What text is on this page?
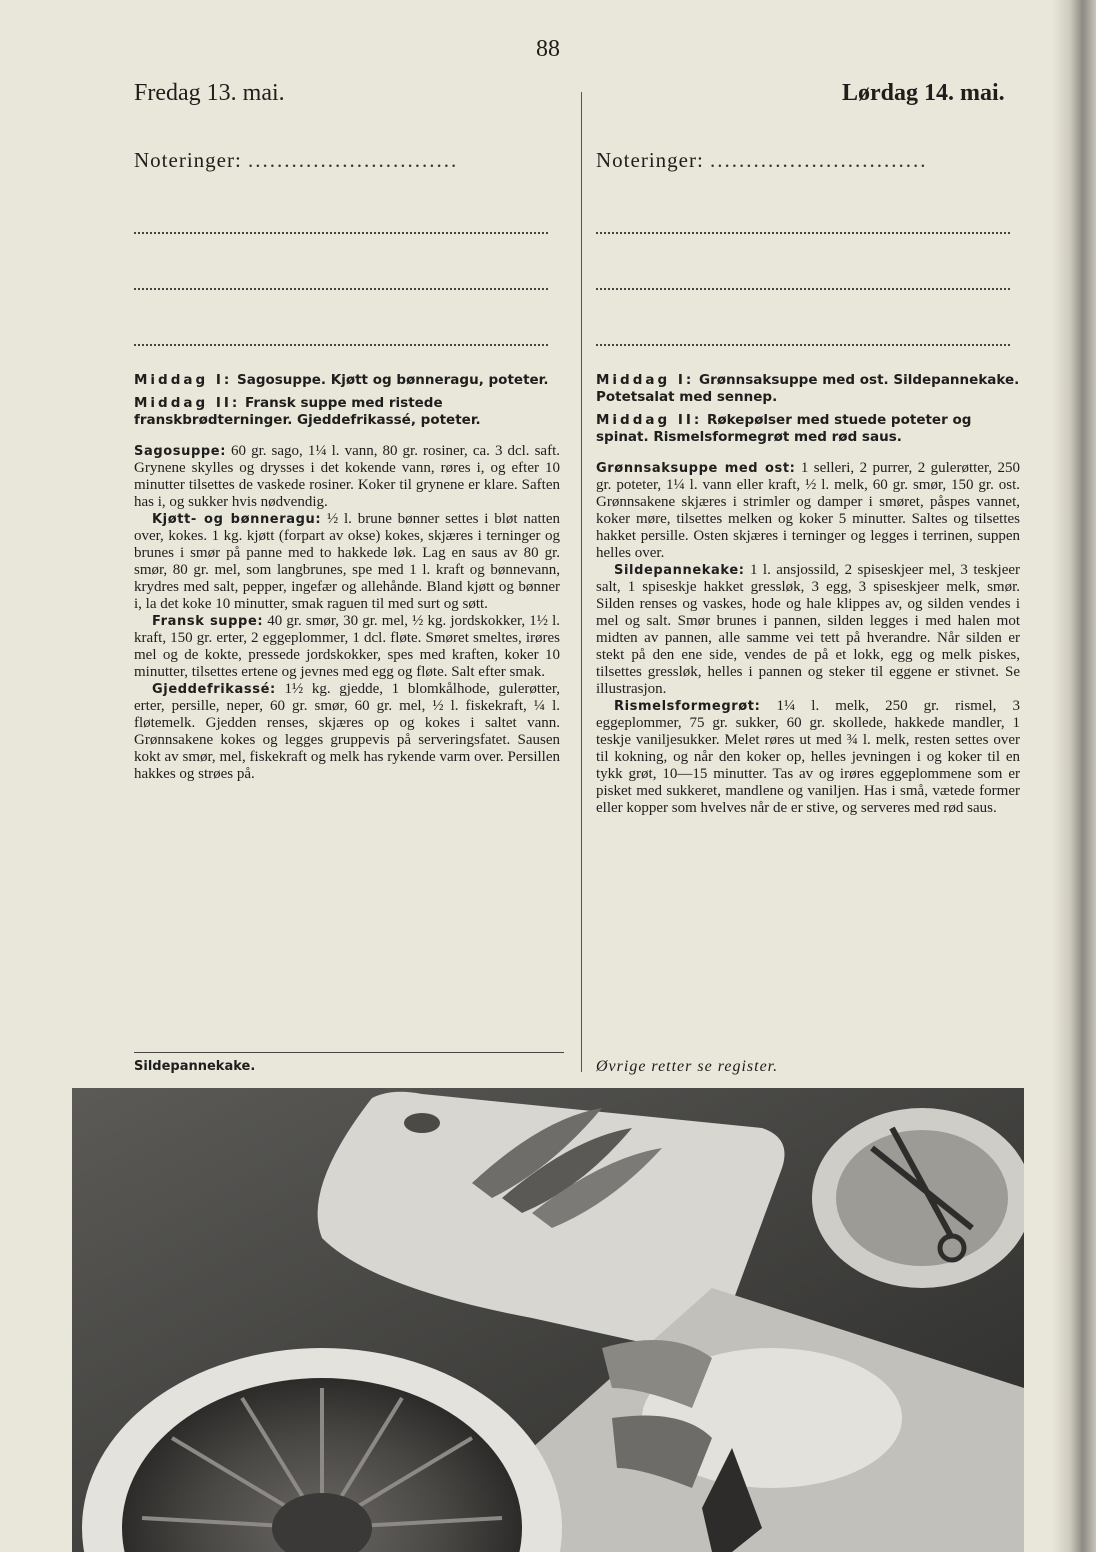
88
Fredag 13. mai.	Lørdag 14. mai.
Noteringer: .............................	Noteringer: ..............................

Middag I: Sagosuppe. Kjøtt og bønneragu, poteter.

Middag II: Fransk suppe med ristede franskbrødterninger. Gjeddefrikassé, poteter.

Sagosuppe: 60 gr. sago, 1¼ l. vann, 80 gr. rosiner, ca. 3 dcl. saft. Grynene skylles og drysses i det kokende vann, røres i, og efter 10 minutter tilsettes de vaskede rosiner. Koker til grynene er klare. Saften has i, og sukker hvis nødvendig.

Kjøtt- og bønneragu: ½ l. brune bønner settes i bløt natten over, kokes. 1 kg. kjøtt (forpart av okse) kokes, skjæres i terninger og brunes i smør på panne med to hakkede løk. Lag en saus av 80 gr. smør, 80 gr. mel, som langbrunes, spe med 1 l. kraft og bønnevann, krydres med salt, pepper, ingefær og allehånde. Bland kjøtt og bønner i, la det koke 10 minutter, smak raguen til med surt og søtt.

Fransk suppe: 40 gr. smør, 30 gr. mel, ½ kg. jordskokker, 1½ l. kraft, 150 gr. erter, 2 eggeplommer, 1 dcl. fløte. Smøret smeltes, irøres mel og de kokte, pressede jordskokker, spes med kraften, koker 10 minutter, tilsettes ertene og jevnes med egg og fløte. Salt efter smak.

Gjeddefrikassé: 1½ kg. gjedde, 1 blomkålhode, gulerøtter, erter, persille, neper, 60 gr. smør, 60 gr. mel, ½ l. fiskekraft, ¼ l. fløtemelk. Gjedden renses, skjæres op og kokes i saltet vann. Grønnsakene kokes og legges gruppevis på serveringsfatet. Sausen kokt av smør, mel, fiskekraft og melk has rykende varm over. Persillen hakkes og strøes på.

Middag I: Grønnsaksuppe med ost. Sildepannekake. Potetsalat med sennep.

Middag II: Røkepølser med stuede poteter og spinat. Rismelsformegrøt med rød saus.

Grønnsaksuppe med ost: 1 selleri, 2 purrer, 2 gulerøtter, 250 gr. poteter, 1¼ l. vann eller kraft, ½ l. melk, 60 gr. smør, 150 gr. ost. Grønnsakene skjæres i strimler og damper i smøret, påspes vannet, koker møre, tilsettes melken og koker 5 minutter. Saltes og tilsettes hakket persille. Osten skjæres i terninger og legges i terrinen, suppen helles over.

Sildepannekake: 1 l. ansjossild, 2 spiseskjeer mel, 3 teskjeer salt, 1 spiseskje hakket gressløk, 3 egg, 3 spiseskjeer melk, smør. Silden renses og vaskes, hode og hale klippes av, og silden vendes i mel og salt. Smør brunes i pannen, silden legges i med halen mot midten av pannen, alle samme vei tett på hverandre. Når silden er stekt på den ene side, vendes de på et lokk, egg og melk piskes, tilsettes gressløk, helles i pannen og steker til eggene er stivnet. Se illustrasjon.

Rismelsformegrøt: 1¼ l. melk, 250 gr. rismel, 3 eggeplommer, 75 gr. sukker, 60 gr. skollede, hakkede mandler, 1 teskje vaniljesukker. Melet røres ut med ¾ l. melk, resten settes over til kokning, og når den koker op, helles jevningen i og koker til en tykk grøt, 10—15 minutter. Tas av og irøres eggeplommene som er pisket med sukkeret, mandlene og vaniljen. Has i små, vætede former eller kopper som hvelves når de er stive, og serveres med rød saus.

Sildepannekake.	Øvrige retter se register.
